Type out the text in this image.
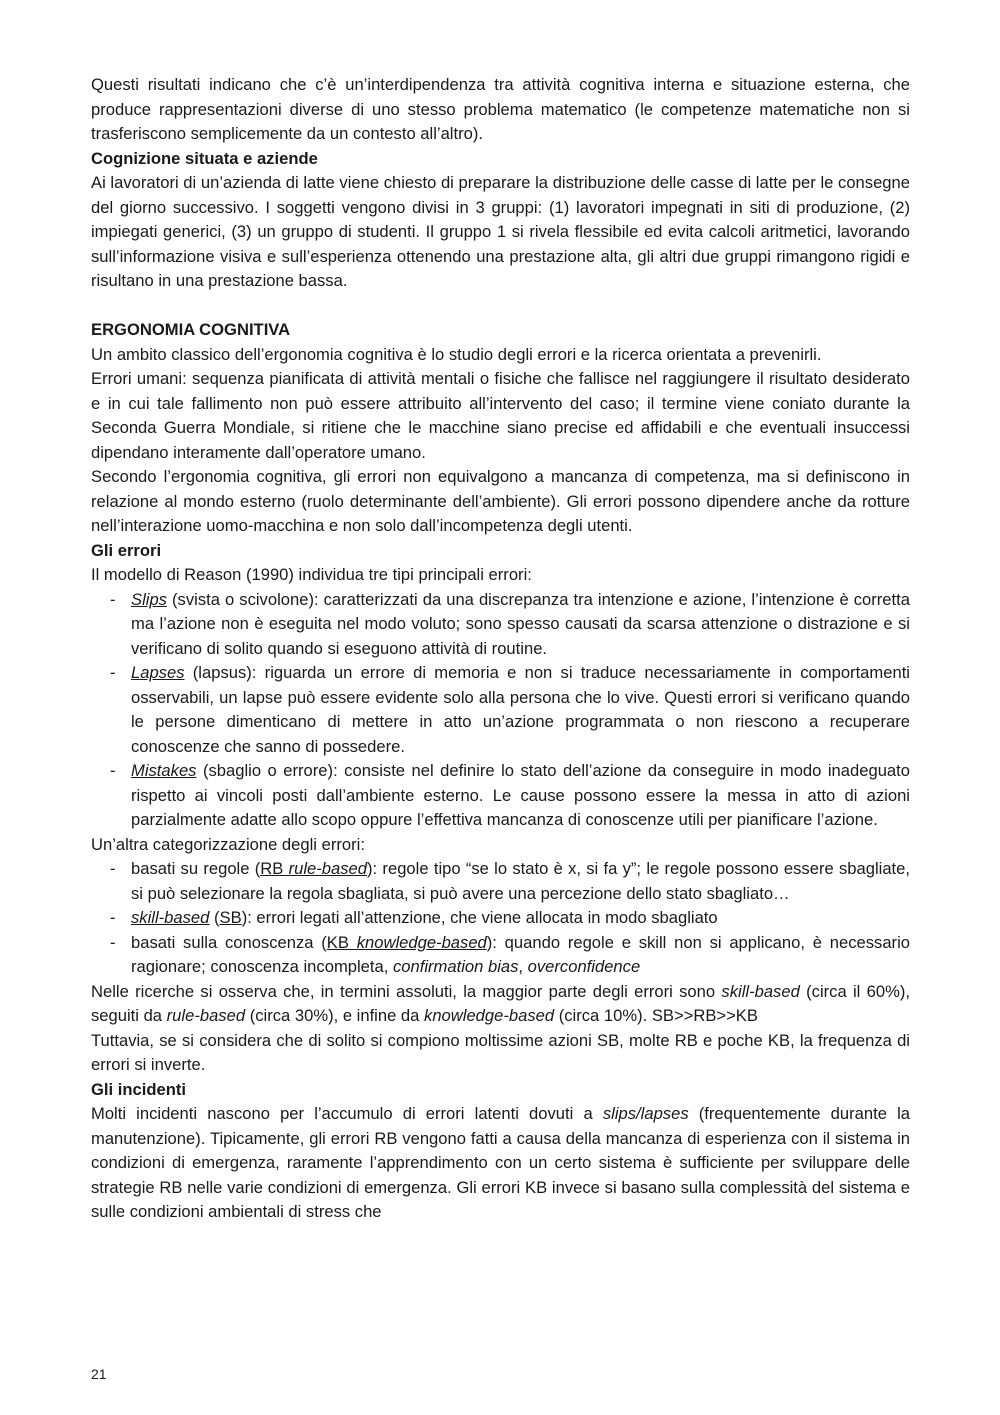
Questi risultati indicano che c’è un’interdipendenza tra attività cognitiva interna e situazione esterna, che produce rappresentazioni diverse di uno stesso problema matematico (le competenze matematiche non si trasferiscono semplicemente da un contesto all’altro).

Cognizione situata e aziende

Ai lavoratori di un’azienda di latte viene chiesto di preparare la distribuzione delle casse di latte per le consegne del giorno successivo. I soggetti vengono divisi in 3 gruppi: (1) lavoratori impegnati in siti di produzione, (2) impiegati generici, (3) un gruppo di studenti. Il gruppo 1 si rivela flessibile ed evita calcoli aritmetici, lavorando sull’informazione visiva e sull’esperienza ottenendo una prestazione alta, gli altri due gruppi rimangono rigidi e risultano in una prestazione bassa.

ERGONOMIA COGNITIVA

Un ambito classico dell’ergonomia cognitiva è lo studio degli errori e la ricerca orientata a prevenirli.

Errori umani: sequenza pianificata di attività mentali o fisiche che fallisce nel raggiungere il risultato desiderato e in cui tale fallimento non può essere attribuito all’intervento del caso; il termine viene coniato durante la Seconda Guerra Mondiale, si ritiene che le macchine siano precise ed affidabili e che eventuali insuccessi dipendano interamente dall’operatore umano.

Secondo l’ergonomia cognitiva, gli errori non equivalgono a mancanza di competenza, ma si definiscono in relazione al mondo esterno (ruolo determinante dell’ambiente). Gli errori possono dipendere anche da rotture nell’interazione uomo-macchina e non solo dall’incompetenza degli utenti.

Gli errori

Il modello di Reason (1990) individua tre tipi principali errori:

- Slips (svista o scivolone): caratterizzati da una discrepanza tra intenzione e azione, l’intenzione è corretta ma l’azione non è eseguita nel modo voluto; sono spesso causati da scarsa attenzione o distrazione e si verificano di solito quando si eseguono attività di routine.
- Lapses (lapsus): riguarda un errore di memoria e non si traduce necessariamente in comportamenti osservabili, un lapse può essere evidente solo alla persona che lo vive. Questi errori si verificano quando le persone dimenticano di mettere in atto un’azione programmata o non riescono a recuperare conoscenze che sanno di possedere.
- Mistakes (sbaglio o errore): consiste nel definire lo stato dell’azione da conseguire in modo inadeguato rispetto ai vincoli posti dall’ambiente esterno. Le cause possono essere la messa in atto di azioni parzialmente adatte allo scopo oppure l’effettiva mancanza di conoscenze utili per pianificare l’azione.

Un’altra categorizzazione degli errori:

- basati su regole (RB rule-based): regole tipo “se lo stato è x, si fa y”; le regole possono essere sbagliate, si può selezionare la regola sbagliata, si può avere una percezione dello stato sbagliato…
- skill-based (SB): errori legati all’attenzione, che viene allocata in modo sbagliato
- basati sulla conoscenza (KB knowledge-based): quando regole e skill non si applicano, è necessario ragionare; conoscenza incompleta, confirmation bias, overconfidence

Nelle ricerche si osserva che, in termini assoluti, la maggior parte degli errori sono skill-based (circa il 60%), seguiti da rule-based (circa 30%), e infine da knowledge-based (circa 10%). SB>>RB>>KB

Tuttavia, se si considera che di solito si compiono moltissime azioni SB, molte RB e poche KB, la frequenza di errori si inverte.

Gli incidenti

Molti incidenti nascono per l’accumulo di errori latenti dovuti a slips/lapses (frequentemente durante la manutenzione). Tipicamente, gli errori RB vengono fatti a causa della mancanza di esperienza con il sistema in condizioni di emergenza, raramente l’apprendimento con un certo sistema è sufficiente per sviluppare delle strategie RB nelle varie condizioni di emergenza. Gli errori KB invece si basano sulla complessità del sistema e sulle condizioni ambientali di stress che

21
